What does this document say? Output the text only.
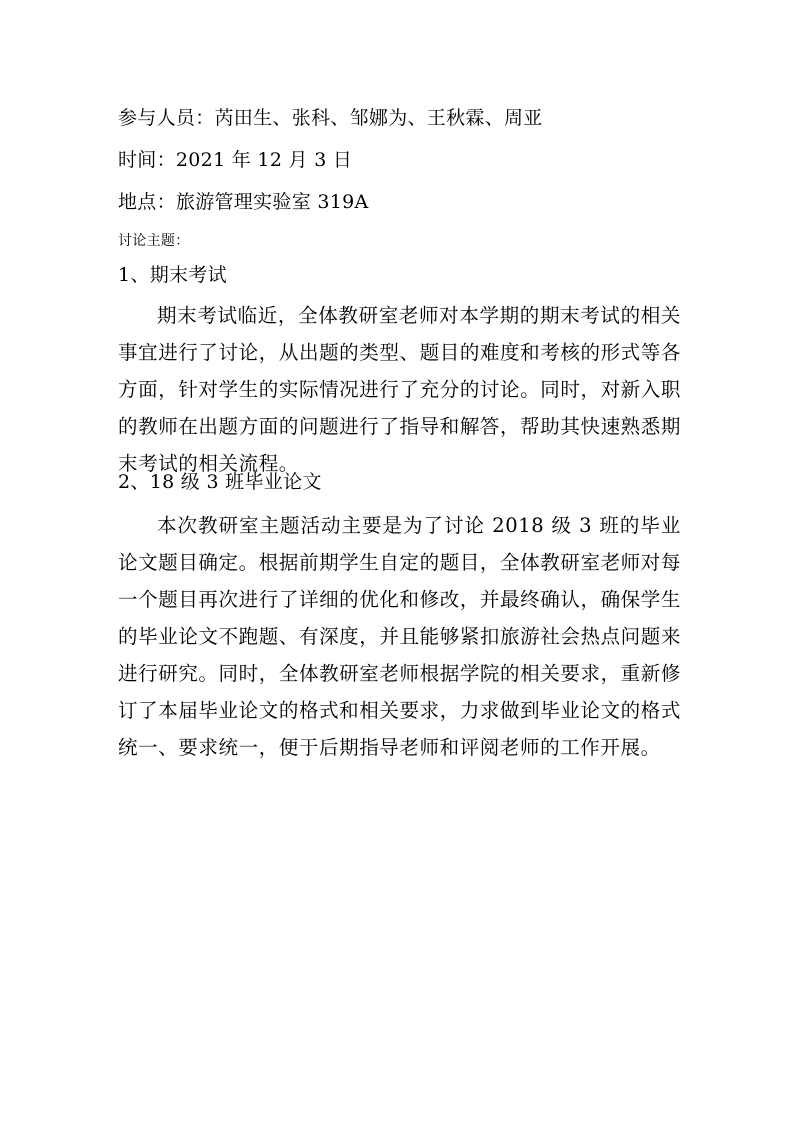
参与人员：芮田生、张科、邹娜为、王秋霖、周亚
时间：2021 年 12 月 3 日
地点：旅游管理实验室 319A
讨论主题：
1、期末考试
期末考试临近，全体教研室老师对本学期的期末考试的相关事宜进行了讨论，从出题的类型、题目的难度和考核的形式等各方面，针对学生的实际情况进行了充分的讨论。同时，对新入职的教师在出题方面的问题进行了指导和解答，帮助其快速熟悉期末考试的相关流程。
2、18 级 3 班毕业论文
本次教研室主题活动主要是为了讨论 2018 级 3 班的毕业论文题目确定。根据前期学生自定的题目，全体教研室老师对每一个题目再次进行了详细的优化和修改，并最终确认，确保学生的毕业论文不跑题、有深度，并且能够紧扣旅游社会热点问题来进行研究。同时，全体教研室老师根据学院的相关要求，重新修订了本届毕业论文的格式和相关要求，力求做到毕业论文的格式统一、要求统一，便于后期指导老师和评阅老师的工作开展。
